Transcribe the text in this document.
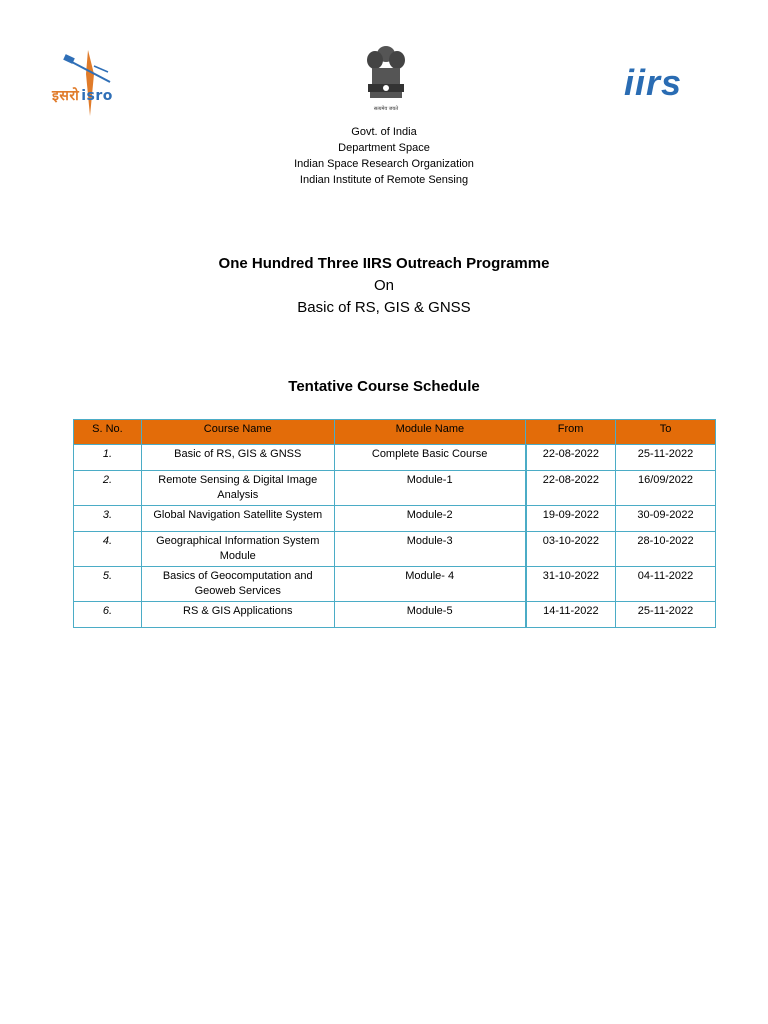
इसरो isro
सत्यमेव जयते
iirs
Govt. of India
Department Space
Indian Space Research Organization
Indian Institute of Remote Sensing
One Hundred Three IIRS Outreach Programme
On
Basic of RS, GIS & GNSS
Tentative Course Schedule
S. No.	Course Name	Module Name	From	To
1.	Basic of RS, GIS & GNSS	Complete Basic Course	22-08-2022	25-11-2022
2.	Remote Sensing & Digital Image Analysis	Module-1	22-08-2022	16/09/2022
3.	Global Navigation Satellite System	Module-2	19-09-2022	30-09-2022
4.	Geographical Information System Module	Module-3	03-10-2022	28-10-2022
5.	Basics of Geocomputation and Geoweb Services	Module- 4	31-10-2022	04-11-2022
6.	RS & GIS Applications	Module-5	14-11-2022	25-11-2022
